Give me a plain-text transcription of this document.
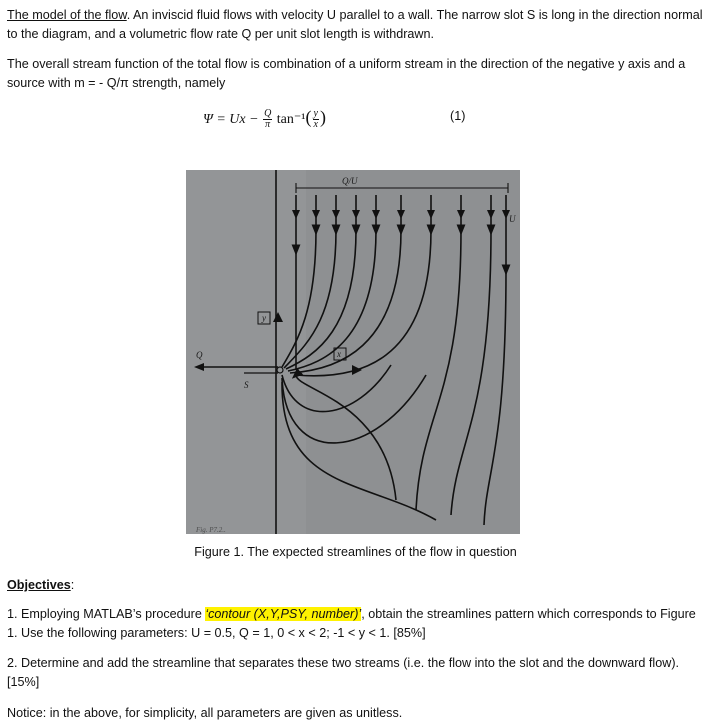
The model of the flow. An inviscid fluid flows with velocity U parallel to a wall. The narrow slot S is long in the direction normal to the diagram, and a volumetric flow rate Q per unit slot length is withdrawn.

The overall stream function of the total flow is combination of a uniform stream in the direction of the negative y axis and a source with m = - Q/π strength, namely

$\Psi = Ux - \frac{Q}{\pi} \tan^{-1}( \frac{y}{x}$ )	(1)
y
x
Q/U
U
Q
S
Fig. P7.2..
Figure 1. The expected streamlines of the flow in question

Objectives:

1. Employing MATLAB’s procedure ‘contour (X,Y,PSY, number)’, obtain the streamlines pattern which corresponds to Figure 1. Use the following parameters: U = 0.5, Q = 1, 0 < x < 2; -1 < y < 1. [85%]

2. Determine and add the streamline that separates these two streams (i.e. the flow into the slot and the downward flow). [15%]

Notice: in the above, for simplicity, all parameters are given as unitless.
